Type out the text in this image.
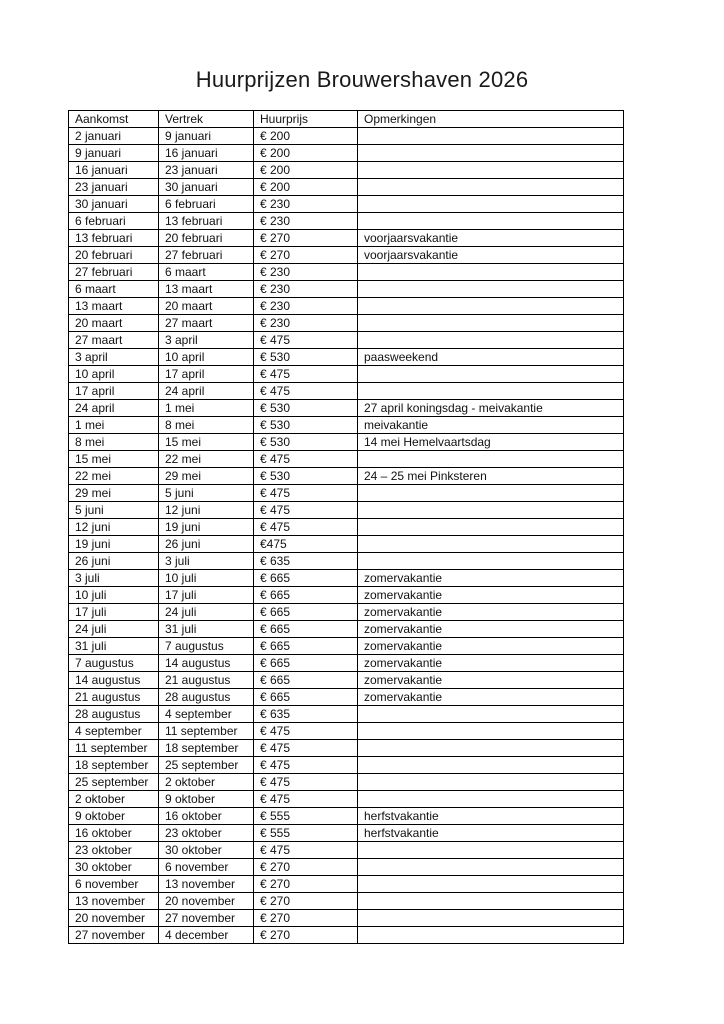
Huurprijzen Brouwershaven 2026
Aankomst	Vertrek	Huurprijs	Opmerkingen
2 januari	9 januari	€ 200	
9 januari	16 januari	€ 200	
16 januari	23 januari	€ 200	
23 januari	30 januari	€ 200	
30 januari	6 februari	€ 230	
6 februari	13 februari	€ 230	
13 februari	20 februari	€ 270	voorjaarsvakantie
20 februari	27 februari	€ 270	voorjaarsvakantie
27 februari	6 maart	€ 230	
6 maart	13 maart	€ 230	
13 maart	20 maart	€ 230	
20 maart	27 maart	€ 230	
27 maart	3 april	€ 475	
3 april	10 april	€ 530	paasweekend
10 april	17 april	€ 475	
17 april	24 april	€ 475	
24 april	1 mei	€ 530	27 april koningsdag - meivakantie
1 mei	8 mei	€ 530	meivakantie
8 mei	15 mei	€ 530	14 mei Hemelvaartsdag
15 mei	22 mei	€ 475	
22 mei	29 mei	€ 530	24 – 25 mei Pinksteren
29 mei	5 juni	€ 475	
5 juni	12 juni	€ 475	
12 juni	19 juni	€ 475	
19 juni	26 juni	€475	
26 juni	3 juli	€ 635	
3 juli	10 juli	€ 665	zomervakantie
10 juli	17 juli	€ 665	zomervakantie
17 juli	24 juli	€ 665	zomervakantie
24 juli	31 juli	€ 665	zomervakantie
31 juli	7 augustus	€ 665	zomervakantie
7 augustus	14 augustus	€ 665	zomervakantie
14 augustus	21 augustus	€ 665	zomervakantie
21 augustus	28 augustus	€ 665	zomervakantie
28 augustus	4 september	€ 635	
4 september	11 september	€ 475	
11 september	18 september	€ 475	
18 september	25 september	€ 475	
25 september	2 oktober	€ 475	
2 oktober	9 oktober	€ 475	
9 oktober	16 oktober	€ 555	herfstvakantie
16 oktober	23 oktober	€ 555	herfstvakantie
23 oktober	30 oktober	€ 475	
30 oktober	6 november	€ 270	
6 november	13 november	€ 270	
13 november	20 november	€ 270	
20 november	27 november	€ 270	
27 november	4 december	€ 270	
